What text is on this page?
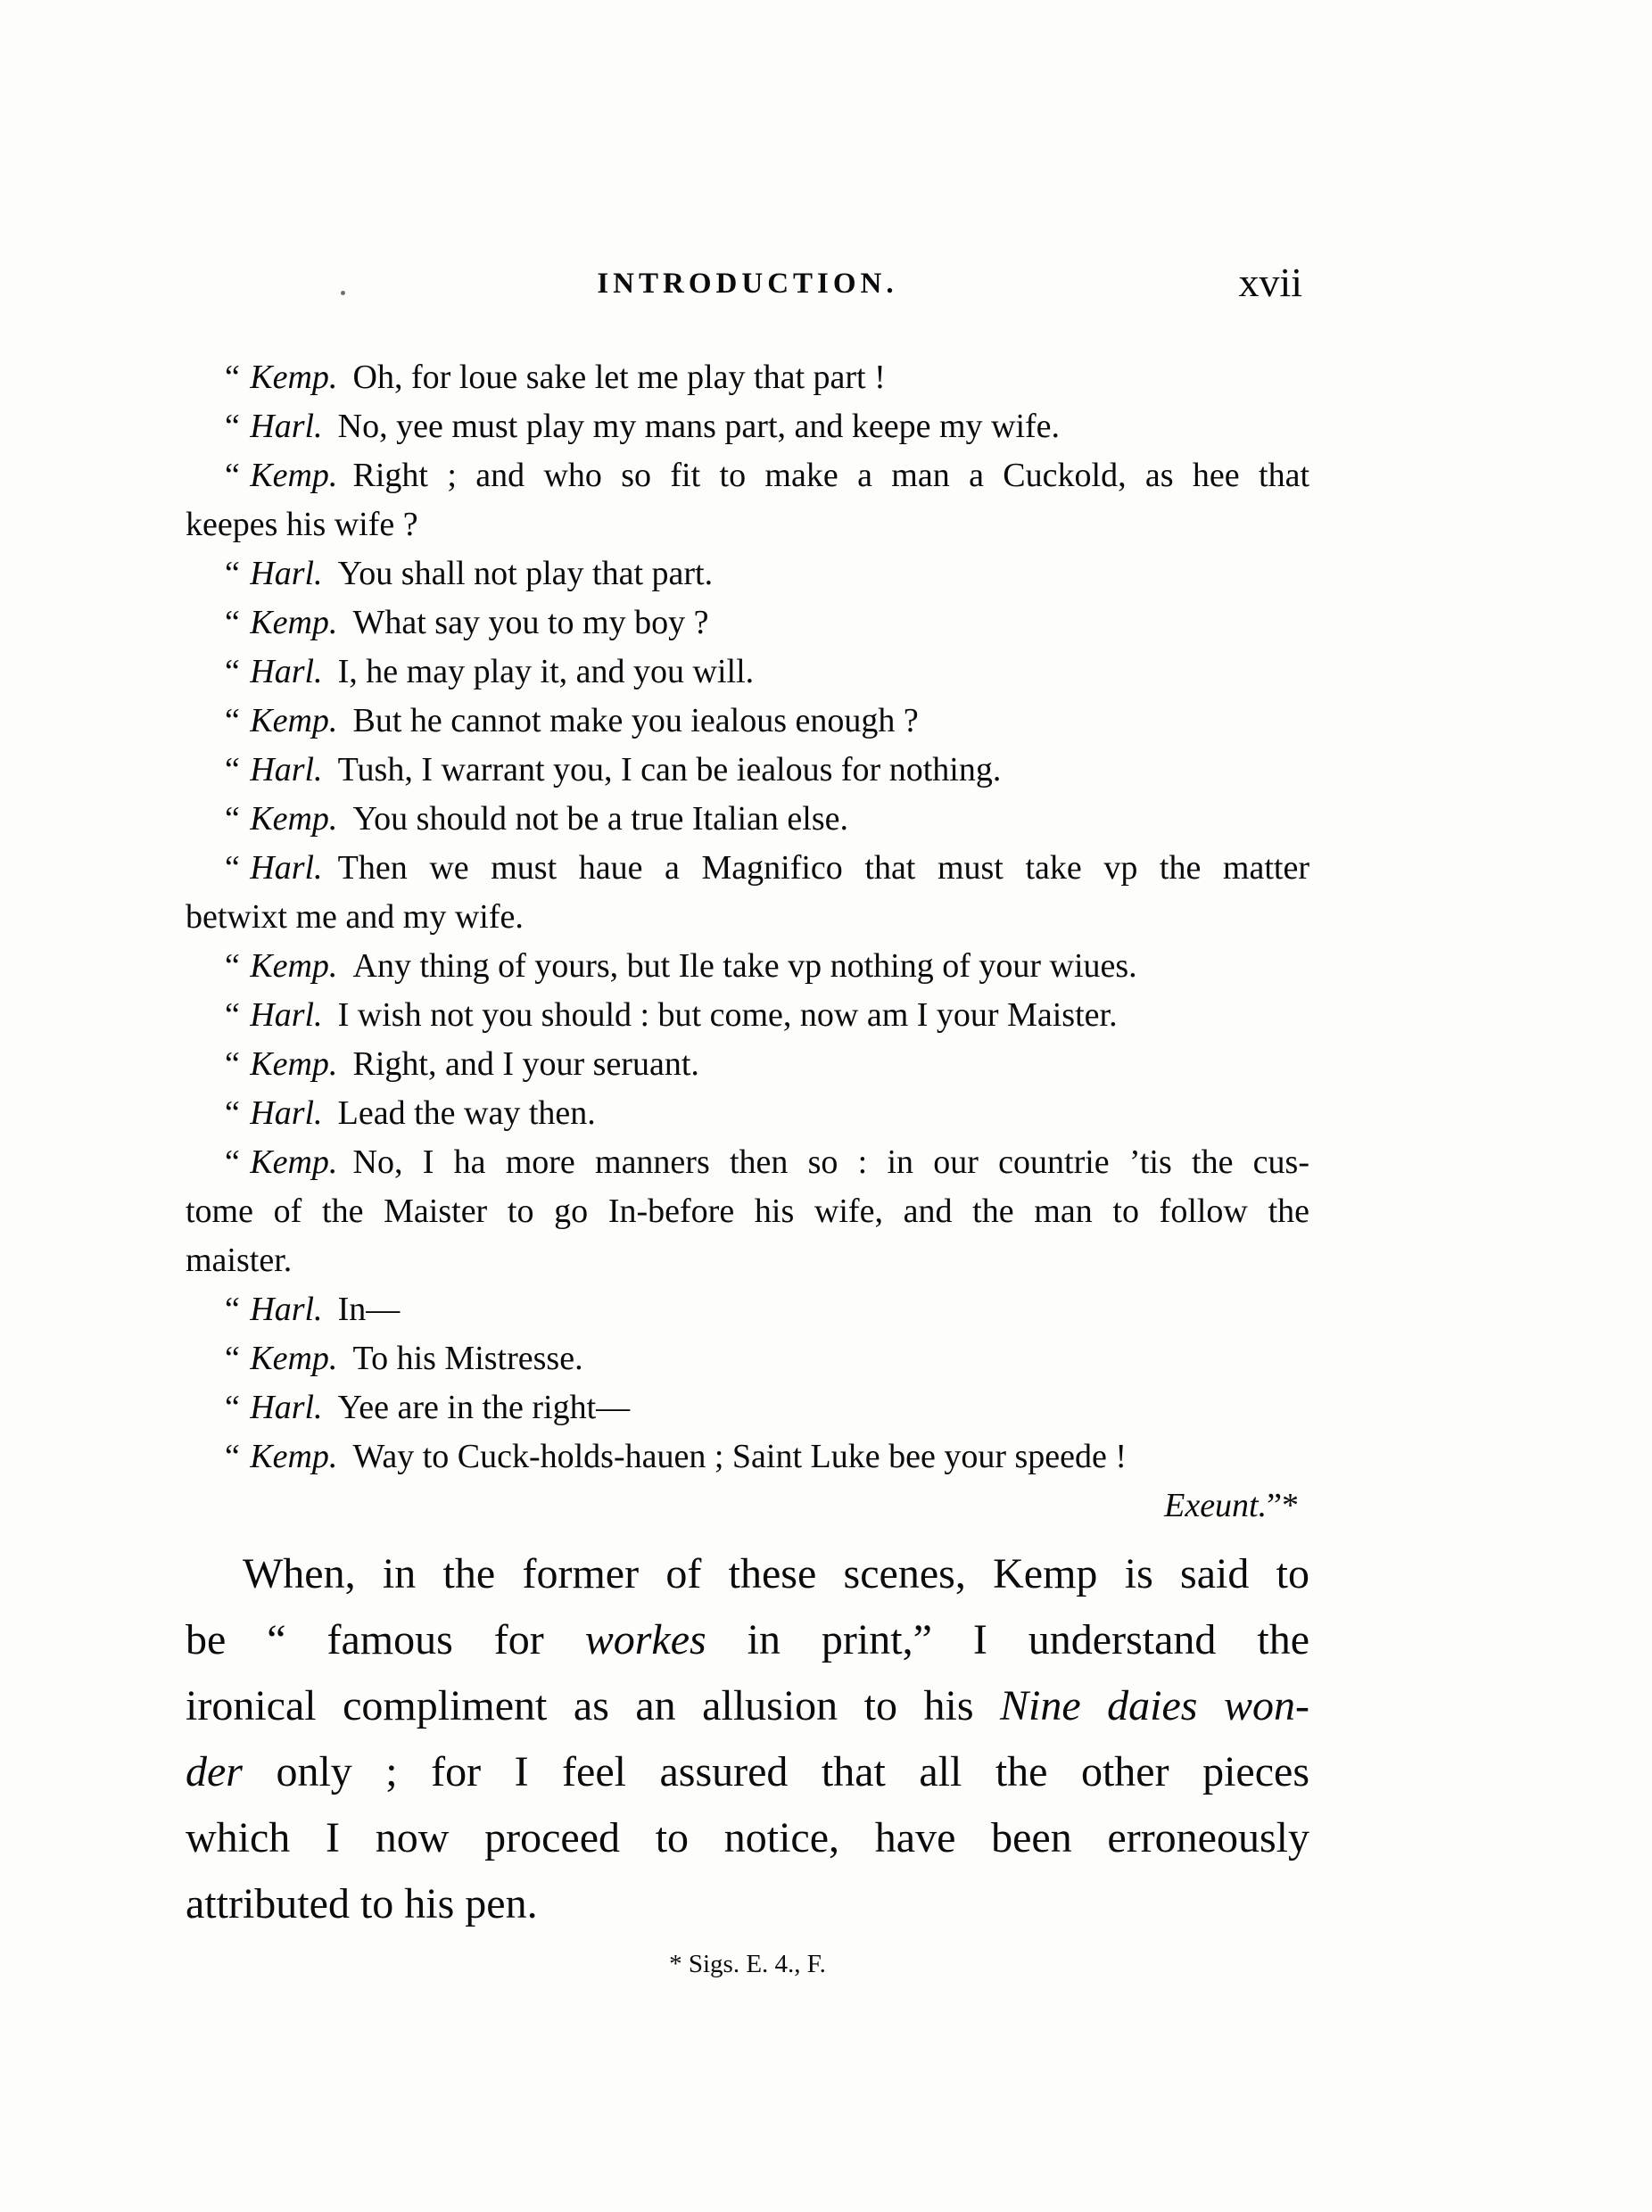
INTRODUCTION.	xvii
“ Kemp. Oh, for loue sake let me play that part !
“ Harl. No, yee must play my mans part, and keepe my wife.
“ Kemp. Right ; and who so fit to make a man a Cuckold, as hee that
keepes his wife ?
“ Harl. You shall not play that part.
“ Kemp. What say you to my boy ?
“ Harl. I, he may play it, and you will.
“ Kemp. But he cannot make you iealous enough ?
“ Harl. Tush, I warrant you, I can be iealous for nothing.
“ Kemp. You should not be a true Italian else.
“ Harl. Then we must haue a Magnifico that must take vp the matter
betwixt me and my wife.
“ Kemp. Any thing of yours, but Ile take vp nothing of your wiues.
“ Harl. I wish not you should : but come, now am I your Maister.
“ Kemp. Right, and I your seruant.
“ Harl. Lead the way then.
“ Kemp. No, I ha more manners then so : in our countrie ’tis the cus-
tome of the Maister to go In-before his wife, and the man to follow the
maister.
“ Harl. In—
“ Kemp. To his Mistresse.
“ Harl. Yee are in the right—
“ Kemp. Way to Cuck-holds-hauen ; Saint Luke bee your speede !
Exeunt.”*
When, in the former of these scenes, Kemp is said to
be “ famous for workes in print,” I understand the
ironical compliment as an allusion to his Nine daies won-
der only ; for I feel assured that all the other pieces
which I now proceed to notice, have been erroneously
attributed to his pen.
* Sigs. E. 4., F.
